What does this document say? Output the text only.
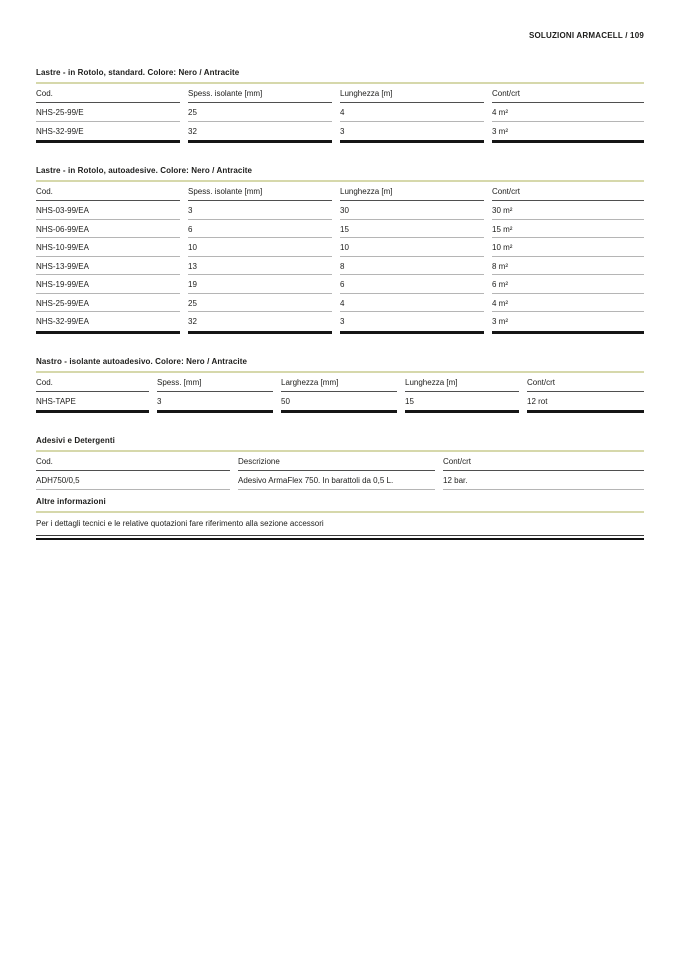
SOLUZIONI ARMACELL / 109
Lastre - in Rotolo, standard. Colore: Nero / Antracite
Cod.	Spess. isolante [mm]	Lunghezza [m]	Cont/crt
NHS-25-99/E	25	4	4 m²
NHS-32-99/E	32	3	3 m²
Lastre - in Rotolo, autoadesive. Colore: Nero / Antracite
Cod.	Spess. isolante [mm]	Lunghezza [m]	Cont/crt
NHS-03-99/EA	3	30	30 m²
NHS-06-99/EA	6	15	15 m²
NHS-10-99/EA	10	10	10 m²
NHS-13-99/EA	13	8	8 m²
NHS-19-99/EA	19	6	6 m²
NHS-25-99/EA	25	4	4 m²
NHS-32-99/EA	32	3	3 m²
Nastro - isolante autoadesivo. Colore: Nero / Antracite
Cod.	Spess. [mm]	Larghezza [mm]	Lunghezza [m]	Cont/crt
NHS-TAPE	3	50	15	12 rot
Adesivi e Detergenti
Cod.	Descrizione	Cont/crt
ADH750/0,5	Adesivo ArmaFlex 750. In barattoli da 0,5 L.	12 bar.
Altre informazioni
Per i dettagli tecnici e le relative quotazioni fare riferimento alla sezione accessori
